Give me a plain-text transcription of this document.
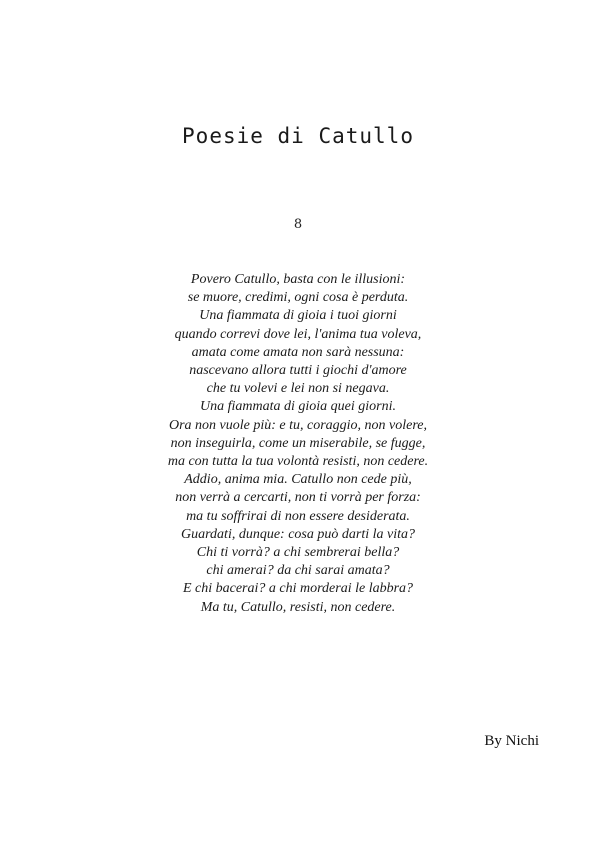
Poesie di Catullo
8
Povero Catullo, basta con le illusioni:
se muore, credimi, ogni cosa è perduta.
Una fiammata di gioia i tuoi giorni
quando correvi dove lei, l'anima tua voleva,
amata come amata non sarà nessuna:
nascevano allora tutti i giochi d'amore
che tu volevi e lei non si negava.
Una fiammata di gioia quei giorni.
Ora non vuole più: e tu, coraggio, non volere,
non inseguirla, come un miserabile, se fugge,
ma con tutta la tua volontà resisti, non cedere.
Addio, anima mia. Catullo non cede più,
non verrà a cercarti, non ti vorrà per forza:
ma tu soffrirai di non essere desiderata.
Guardati, dunque: cosa può darti la vita?
Chi ti vorrà? a chi sembrerai bella?
chi amerai? da chi sarai amata?
E chi bacerai? a chi morderai le labbra?
Ma tu, Catullo, resisti, non cedere.
By Nichi
